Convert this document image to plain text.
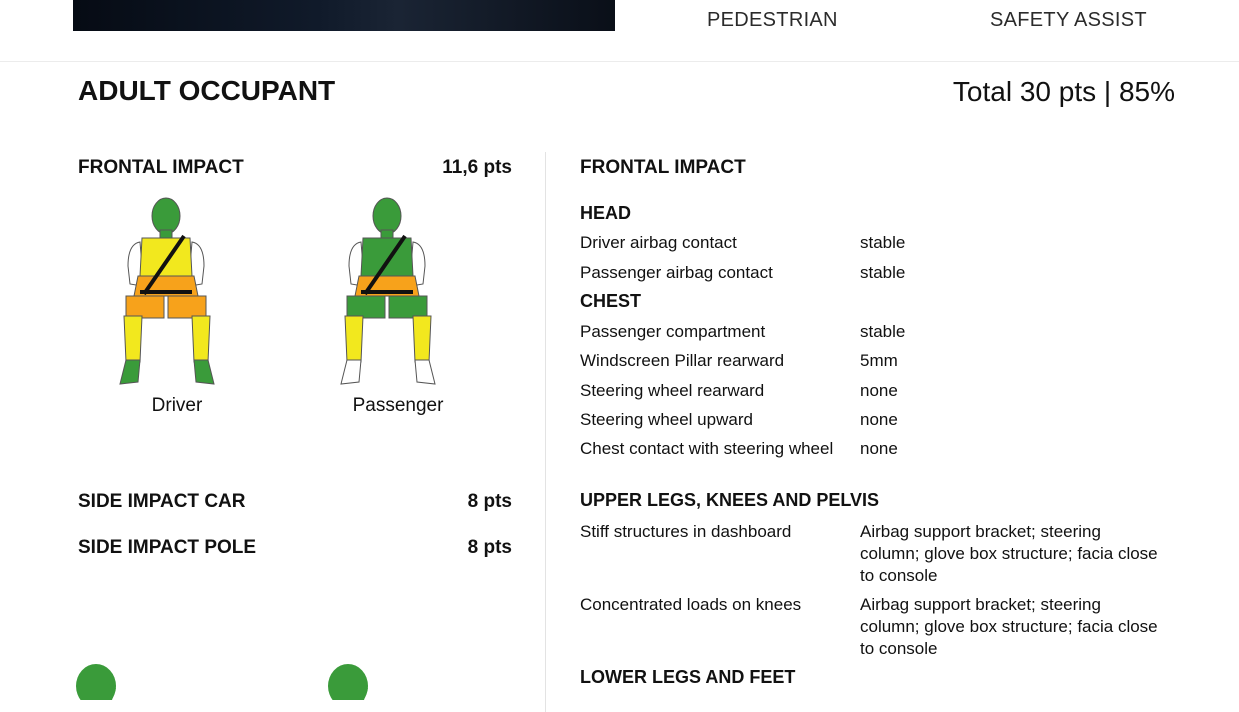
PEDESTRIAN	SAFETY ASSIST
ADULT OCCUPANT	Total 30 pts | 85%
FRONTAL IMPACT	11,6 pts
Driver	Passenger
SIDE IMPACT CAR	8 pts
SIDE IMPACT POLE	8 pts
FRONTAL IMPACT
HEAD
Driver airbag contact	stable
Passenger airbag contact	stable
CHEST
Passenger compartment	stable
Windscreen Pillar rearward	5mm
Steering wheel rearward	none
Steering wheel upward	none
Chest contact with steering wheel	none
UPPER LEGS, KNEES AND PELVIS
Stiff structures in dashboard	Airbag support bracket; steering column; glove box structure; facia close to console
Concentrated loads on knees	Airbag support bracket; steering column; glove box structure; facia close to console
LOWER LEGS AND FEET
